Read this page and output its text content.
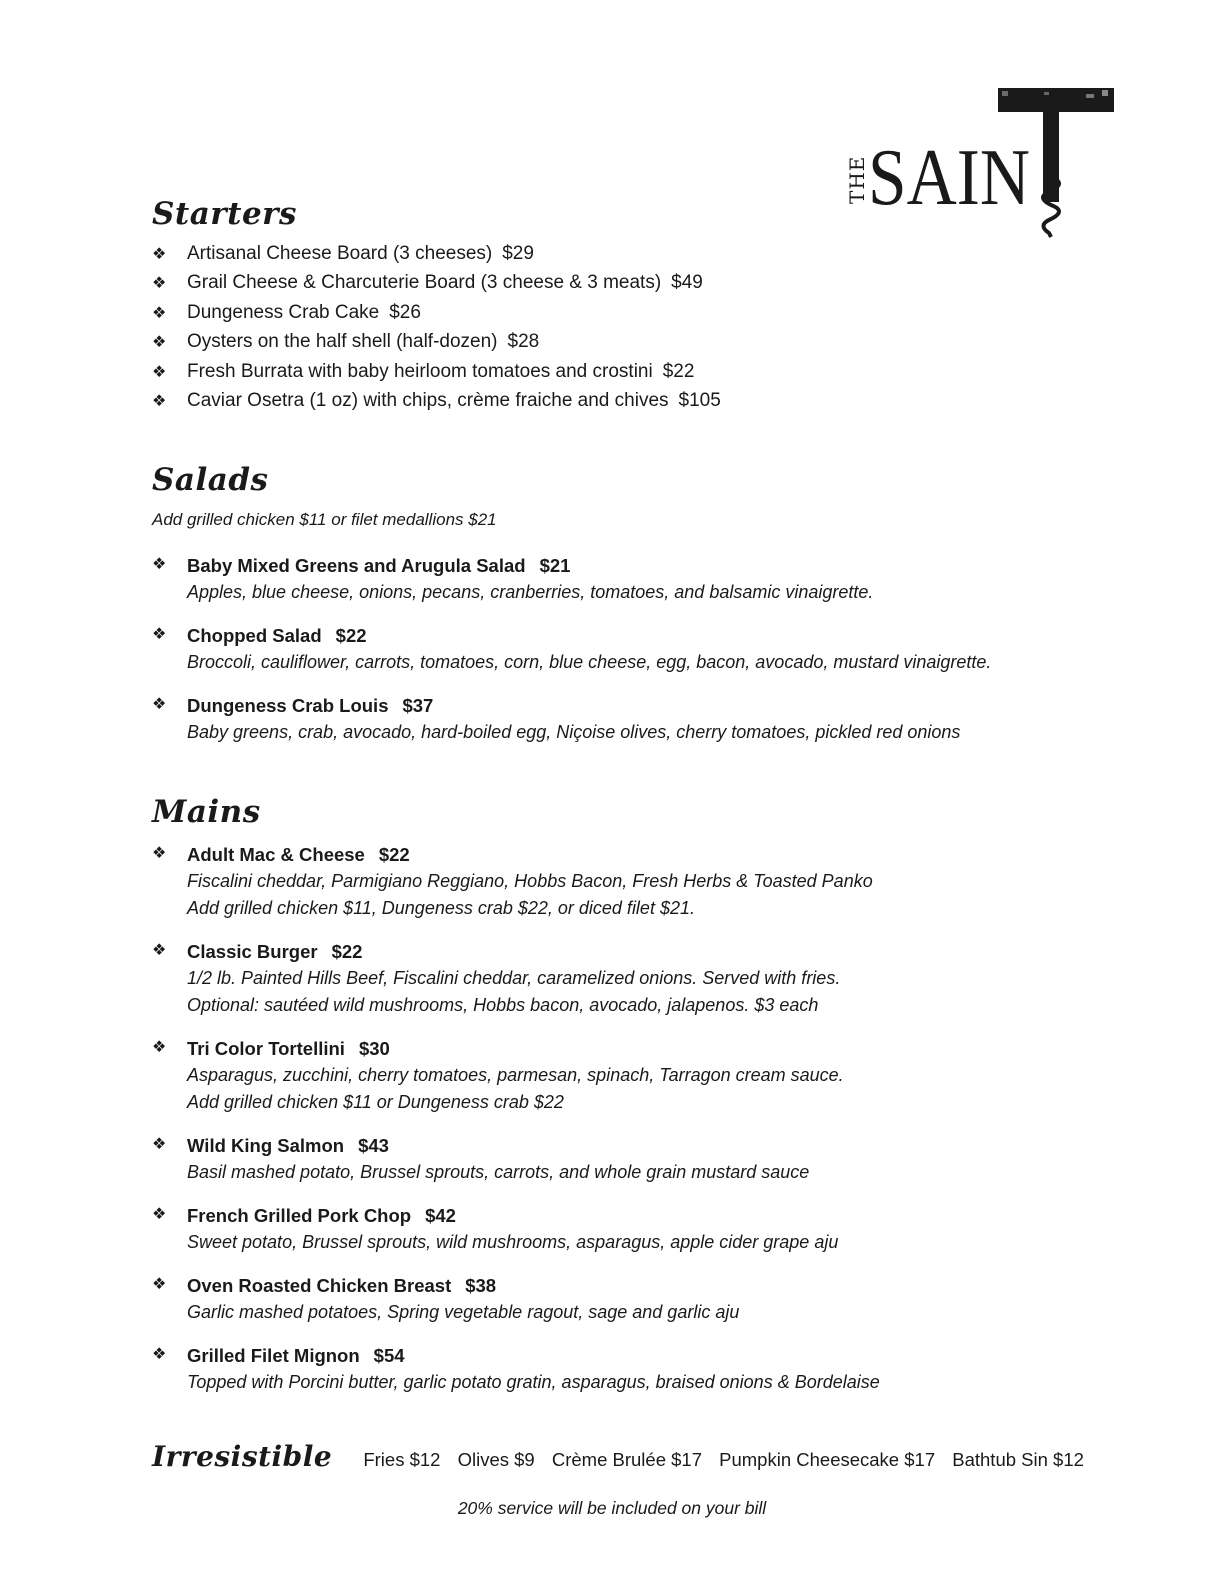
THE SAIN
Starters
❖ Artisanal Cheese Board (3 cheeses) $29
❖ Grail Cheese & Charcuterie Board (3 cheese & 3 meats) $49
❖ Dungeness Crab Cake $26
❖ Oysters on the half shell (half-dozen) $28
❖ Fresh Burrata with baby heirloom tomatoes and crostini $22
❖ Caviar Osetra (1 oz) with chips, crème fraiche and chives $105
Salads

Add grilled chicken $11 or filet medallions $21

❖	Baby Mixed Greens and Arugula Salad $21
Apples, blue cheese, onions, pecans, cranberries, tomatoes, and balsamic vinaigrette.
❖	Chopped Salad $22
Broccoli, cauliflower, carrots, tomatoes, corn, blue cheese, egg, bacon, avocado, mustard vinaigrette.
❖	Dungeness Crab Louis $37
Baby greens, crab, avocado, hard-boiled egg, Niçoise olives, cherry tomatoes, pickled red onions
Mains
❖	Adult Mac & Cheese $22
Fiscalini cheddar, Parmigiano Reggiano, Hobbs Bacon, Fresh Herbs & Toasted Panko
Add grilled chicken $11, Dungeness crab $22, or diced filet $21.
❖	Classic Burger $22
1/2 lb. Painted Hills Beef, Fiscalini cheddar, caramelized onions. Served with fries.
Optional: sautéed wild mushrooms, Hobbs bacon, avocado, jalapenos. $3 each
❖	Tri Color Tortellini $30
Asparagus, zucchini, cherry tomatoes, parmesan, spinach, Tarragon cream sauce.
Add grilled chicken $11 or Dungeness crab $22
❖	Wild King Salmon $43
Basil mashed potato, Brussel sprouts, carrots, and whole grain mustard sauce
❖	French Grilled Pork Chop $42
Sweet potato, Brussel sprouts, wild mushrooms, asparagus, apple cider grape aju
❖	Oven Roasted Chicken Breast $38
Garlic mashed potatoes, Spring vegetable ragout, sage and garlic aju
❖	Grilled Filet Mignon $54
Topped with Porcini butter, garlic potato gratin, asparagus, braised onions & Bordelaise
Irresistible Fries $12 Olives $9 Crème Brulée $17 Pumpkin Cheesecake $17 Bathtub Sin $12
20% service will be included on your bill
